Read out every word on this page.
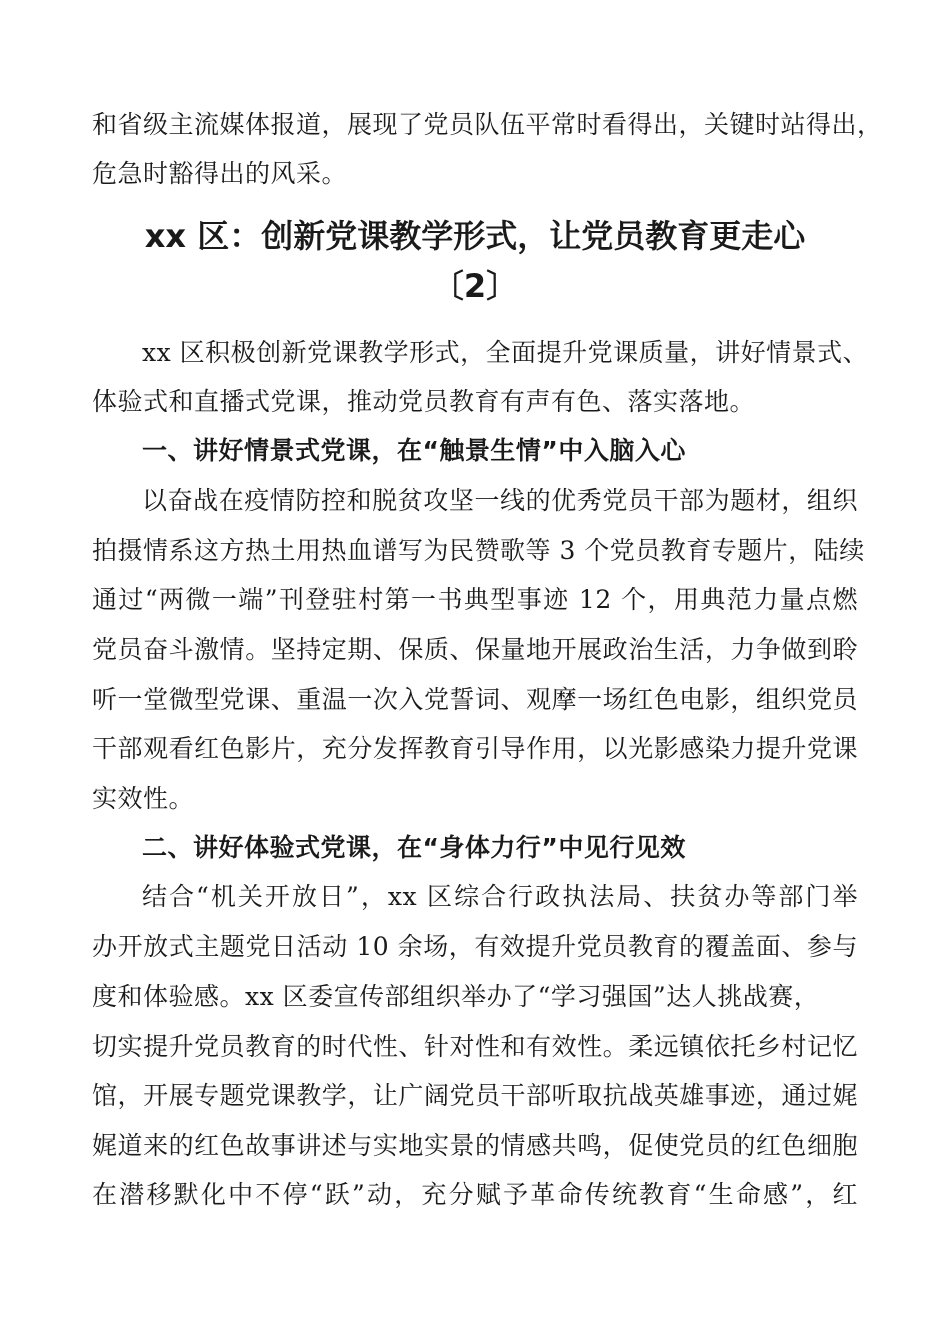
和省级主流媒体报道，展现了党员队伍平常时看得出，关键时站得出，
危急时豁得出的风采。
xx 区：创新党课教学形式，让党员教育更走心
〔2〕
xx 区积极创新党课教学形式，全面提升党课质量，讲好情景式、
体验式和直播式党课，推动党员教育有声有色、落实落地。
一、讲好情景式党课，在“触景生情”中入脑入心
以奋战在疫情防控和脱贫攻坚一线的优秀党员干部为题材，组织
拍摄情系这方热土用热血谱写为民赞歌等 3 个党员教育专题片，陆续
通过“两微一端”刊登驻村第一书典型事迹 12 个，用典范力量点燃
党员奋斗激情。坚持定期、保质、保量地开展政治生活，力争做到聆
听一堂微型党课、重温一次入党誓词、观摩一场红色电影，组织党员
干部观看红色影片，充分发挥教育引导作用，以光影感染力提升党课
实效性。
二、讲好体验式党课，在“身体力行”中见行见效
结合“机关开放日”，xx 区综合行政执法局、扶贫办等部门举
办开放式主题党日活动 10 余场，有效提升党员教育的覆盖面、参与
度和体验感。xx 区委宣传部组织举办了“学习强国”达人挑战赛，
切实提升党员教育的时代性、针对性和有效性。柔远镇依托乡村记忆
馆，开展专题党课教学，让广阔党员干部听取抗战英雄事迹，通过娓
娓道来的红色故事讲述与实地实景的情感共鸣，促使党员的红色细胞
在潜移默化中不停“跃”动，充分赋予革命传统教育“生命感”，红
